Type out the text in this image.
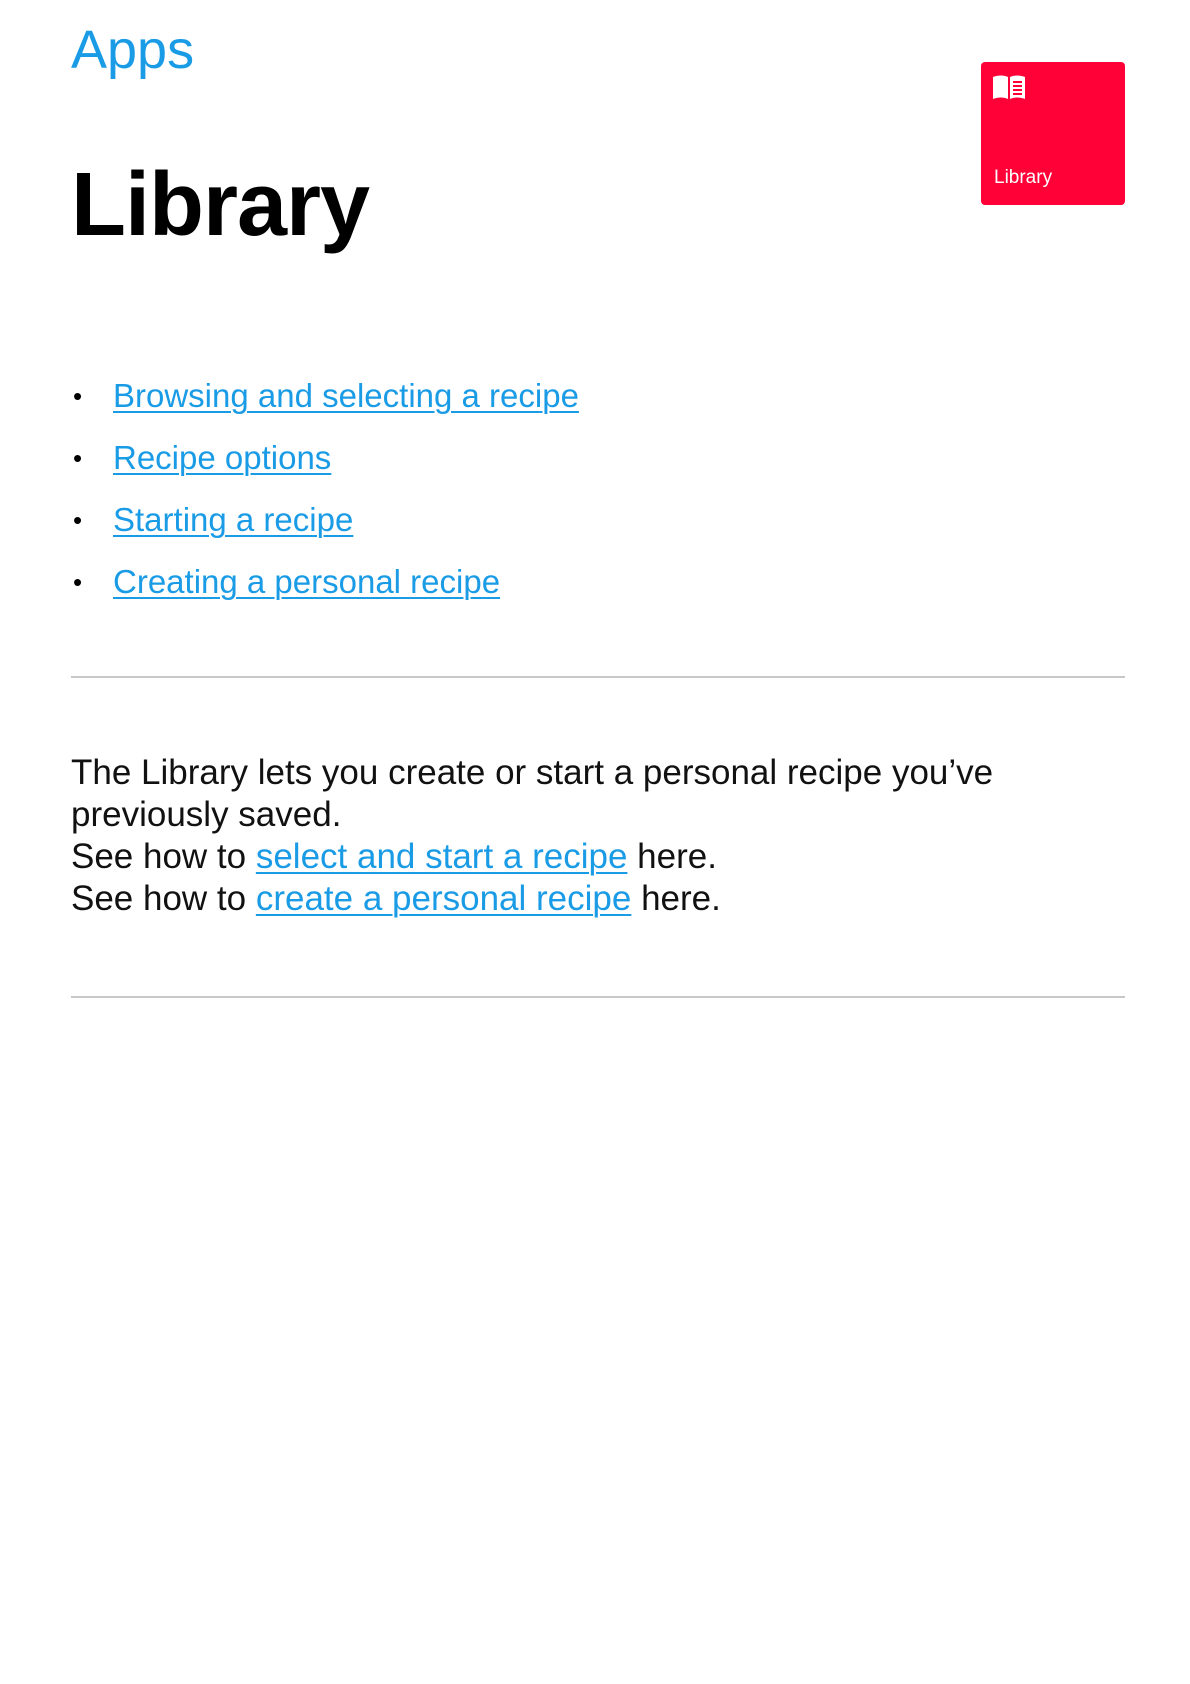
Apps
Library	Library
• Browsing and selecting a recipe
• Recipe options
• Starting a recipe
• Creating a personal recipe

The Library lets you create or start a personal recipe you’ve previously saved.

See how to select and start a recipe here.

See how to create a personal recipe here.
